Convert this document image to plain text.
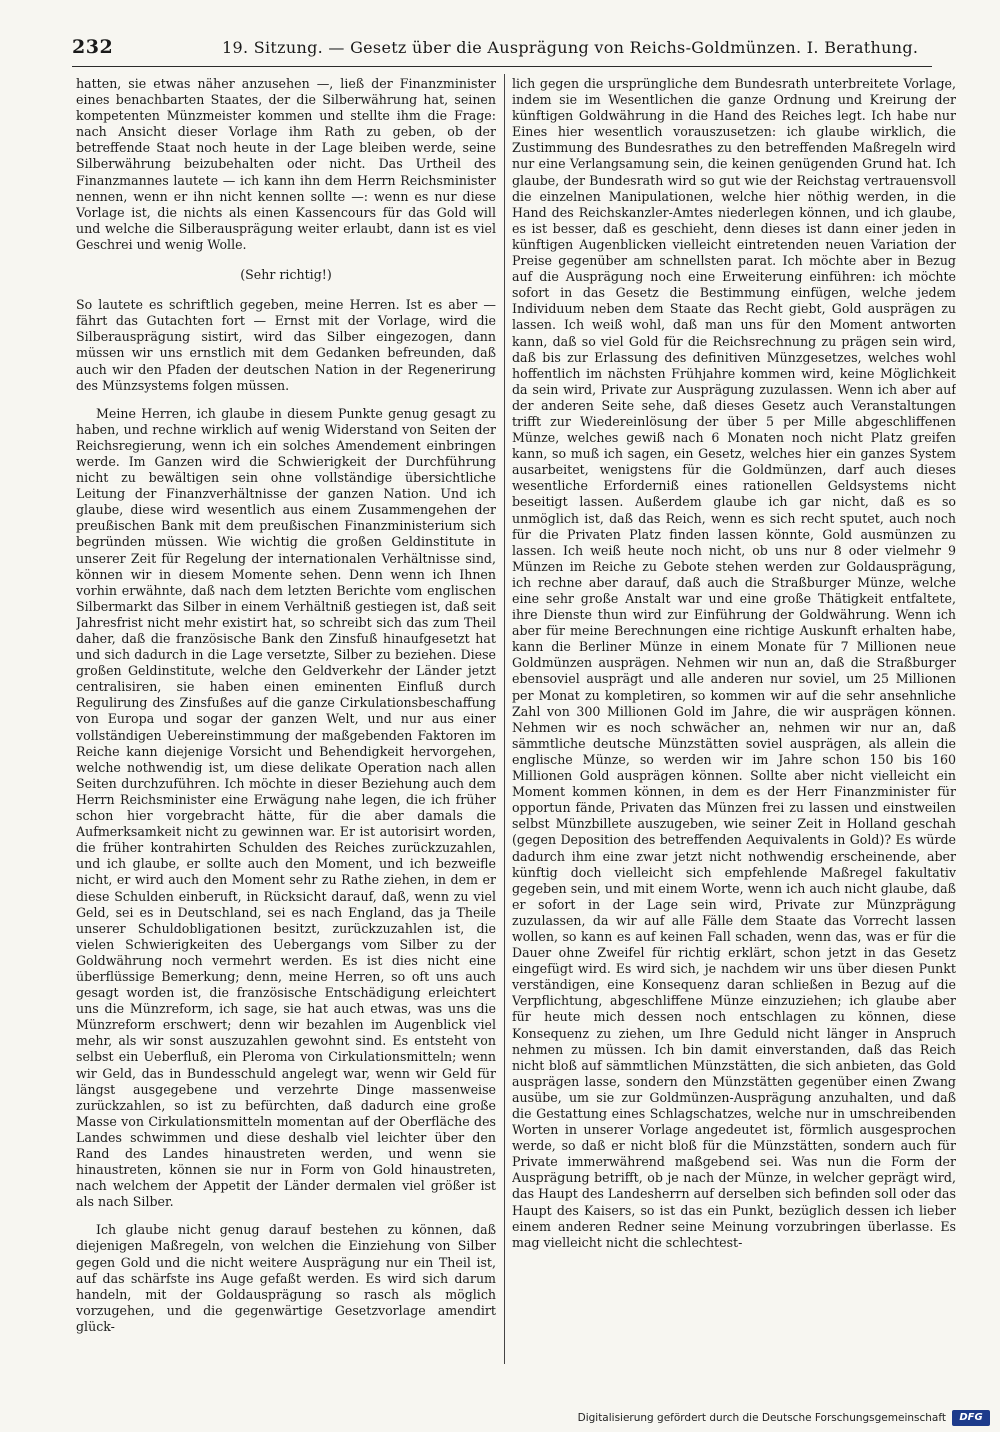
232	19. Sitzung. — Gesetz über die Ausprägung von Reichs-Goldmünzen. I. Berathung.

hatten, sie etwas näher anzusehen —, ließ der Finanzminister eines benachbarten Staates, der die Silberwährung hat, seinen kompetenten Münzmeister kommen und stellte ihm die Frage: nach Ansicht dieser Vorlage ihm Rath zu geben, ob der betreffende Staat noch heute in der Lage bleiben werde, seine Silberwährung beizubehalten oder nicht. Das Urtheil des Finanzmannes lautete — ich kann ihn dem Herrn Reichsminister nennen, wenn er ihn nicht kennen sollte —: wenn es nur diese Vorlage ist, die nichts als einen Kassencours für das Gold will und welche die Silberausprägung weiter erlaubt, dann ist es viel Geschrei und wenig Wolle.

(Sehr richtig!)

So lautete es schriftlich gegeben, meine Herren. Ist es aber — fährt das Gutachten fort — Ernst mit der Vorlage, wird die Silberausprägung sistirt, wird das Silber eingezogen, dann müssen wir uns ernstlich mit dem Gedanken befreunden, daß auch wir den Pfaden der deutschen Nation in der Regenerirung des Münzsystems folgen müssen.

Meine Herren, ich glaube in diesem Punkte genug gesagt zu haben, und rechne wirklich auf wenig Widerstand von Seiten der Reichsregierung, wenn ich ein solches Amendement einbringen werde. Im Ganzen wird die Schwierigkeit der Durchführung nicht zu bewältigen sein ohne vollständige übersichtliche Leitung der Finanzverhältnisse der ganzen Nation. Und ich glaube, diese wird wesentlich aus einem Zusammengehen der preußischen Bank mit dem preußischen Finanzministerium sich begründen müssen. Wie wichtig die großen Geldinstitute in unserer Zeit für Regelung der internationalen Verhältnisse sind, können wir in diesem Momente sehen. Denn wenn ich Ihnen vorhin erwähnte, daß nach dem letzten Berichte vom englischen Silbermarkt das Silber in einem Verhältniß gestiegen ist, daß seit Jahresfrist nicht mehr existirt hat, so schreibt sich das zum Theil daher, daß die französische Bank den Zinsfuß hinaufgesetzt hat und sich dadurch in die Lage versetzte, Silber zu beziehen. Diese großen Geldinstitute, welche den Geldverkehr der Länder jetzt centralisiren, sie haben einen eminenten Einfluß durch Regulirung des Zinsfußes auf die ganze Cirkulationsbeschaffung von Europa und sogar der ganzen Welt, und nur aus einer vollständigen Uebereinstimmung der maßgebenden Faktoren im Reiche kann diejenige Vorsicht und Behendigkeit hervorgehen, welche nothwendig ist, um diese delikate Operation nach allen Seiten durchzuführen. Ich möchte in dieser Beziehung auch dem Herrn Reichsminister eine Erwägung nahe legen, die ich früher schon hier vorgebracht hätte, für die aber damals die Aufmerksamkeit nicht zu gewinnen war. Er ist autorisirt worden, die früher kontrahirten Schulden des Reiches zurückzuzahlen, und ich glaube, er sollte auch den Moment, und ich bezweifle nicht, er wird auch den Moment sehr zu Rathe ziehen, in dem er diese Schulden einberuft, in Rücksicht darauf, daß, wenn zu viel Geld, sei es in Deutschland, sei es nach England, das ja Theile unserer Schuldobligationen besitzt, zurückzuzahlen ist, die vielen Schwierigkeiten des Uebergangs vom Silber zu der Goldwährung noch vermehrt werden. Es ist dies nicht eine überflüssige Bemerkung; denn, meine Herren, so oft uns auch gesagt worden ist, die französische Entschädigung erleichtert uns die Münzreform, ich sage, sie hat auch etwas, was uns die Münzreform erschwert; denn wir bezahlen im Augenblick viel mehr, als wir sonst auszuzahlen gewohnt sind. Es entsteht von selbst ein Ueberfluß, ein Pleroma von Cirkulationsmitteln; wenn wir Geld, das in Bundesschuld angelegt war, wenn wir Geld für längst ausgegebene und verzehrte Dinge massenweise zurückzahlen, so ist zu befürchten, daß dadurch eine große Masse von Cirkulationsmitteln momentan auf der Oberfläche des Landes schwimmen und diese deshalb viel leichter über den Rand des Landes hinaustreten werden, und wenn sie hinaustreten, können sie nur in Form von Gold hinaustreten, nach welchem der Appetit der Länder dermalen viel größer ist als nach Silber.

Ich glaube nicht genug darauf bestehen zu können, daß diejenigen Maßregeln, von welchen die Einziehung von Silber gegen Gold und die nicht weitere Ausprägung nur ein Theil ist, auf das schärfste ins Auge gefaßt werden. Es wird sich darum handeln, mit der Goldausprägung so rasch als möglich vorzugehen, und die gegenwärtige Gesetzvorlage amendirt glück-

lich gegen die ursprüngliche dem Bundesrath unterbreitete Vorlage, indem sie im Wesentlichen die ganze Ordnung und Kreirung der künftigen Goldwährung in die Hand des Reiches legt. Ich habe nur Eines hier wesentlich vorauszusetzen: ich glaube wirklich, die Zustimmung des Bundesrathes zu den betreffenden Maßregeln wird nur eine Verlangsamung sein, die keinen genügenden Grund hat. Ich glaube, der Bundesrath wird so gut wie der Reichstag vertrauensvoll die einzelnen Manipulationen, welche hier nöthig werden, in die Hand des Reichskanzler-Amtes niederlegen können, und ich glaube, es ist besser, daß es geschieht, denn dieses ist dann einer jeden in künftigen Augenblicken vielleicht eintretenden neuen Variation der Preise gegenüber am schnellsten parat. Ich möchte aber in Bezug auf die Ausprägung noch eine Erweiterung einführen: ich möchte sofort in das Gesetz die Bestimmung einfügen, welche jedem Individuum neben dem Staate das Recht giebt, Gold ausprägen zu lassen. Ich weiß wohl, daß man uns für den Moment antworten kann, daß so viel Gold für die Reichsrechnung zu prägen sein wird, daß bis zur Erlassung des definitiven Münzgesetzes, welches wohl hoffentlich im nächsten Frühjahre kommen wird, keine Möglichkeit da sein wird, Private zur Ausprägung zuzulassen. Wenn ich aber auf der anderen Seite sehe, daß dieses Gesetz auch Veranstaltungen trifft zur Wiedereinlösung der über 5 per Mille abgeschliffenen Münze, welches gewiß nach 6 Monaten noch nicht Platz greifen kann, so muß ich sagen, ein Gesetz, welches hier ein ganzes System ausarbeitet, wenigstens für die Goldmünzen, darf auch dieses wesentliche Erforderniß eines rationellen Geldsystems nicht beseitigt lassen. Außerdem glaube ich gar nicht, daß es so unmöglich ist, daß das Reich, wenn es sich recht sputet, auch noch für die Privaten Platz finden lassen könnte, Gold ausmünzen zu lassen. Ich weiß heute noch nicht, ob uns nur 8 oder vielmehr 9 Münzen im Reiche zu Gebote stehen werden zur Goldausprägung, ich rechne aber darauf, daß auch die Straßburger Münze, welche eine sehr große Anstalt war und eine große Thätigkeit entfaltete, ihre Dienste thun wird zur Einführung der Goldwährung. Wenn ich aber für meine Berechnungen eine richtige Auskunft erhalten habe, kann die Berliner Münze in einem Monate für 7 Millionen neue Goldmünzen ausprägen. Nehmen wir nun an, daß die Straßburger ebensoviel ausprägt und alle anderen nur soviel, um 25 Millionen per Monat zu kompletiren, so kommen wir auf die sehr ansehnliche Zahl von 300 Millionen Gold im Jahre, die wir ausprägen können. Nehmen wir es noch schwächer an, nehmen wir nur an, daß sämmtliche deutsche Münzstätten soviel ausprägen, als allein die englische Münze, so werden wir im Jahre schon 150 bis 160 Millionen Gold ausprägen können. Sollte aber nicht vielleicht ein Moment kommen können, in dem es der Herr Finanzminister für opportun fände, Privaten das Münzen frei zu lassen und einstweilen selbst Münzbillete auszugeben, wie seiner Zeit in Holland geschah (gegen Deposition des betreffenden Aequivalents in Gold)? Es würde dadurch ihm eine zwar jetzt nicht nothwendig erscheinende, aber künftig doch vielleicht sich empfehlende Maßregel fakultativ gegeben sein, und mit einem Worte, wenn ich auch nicht glaube, daß er sofort in der Lage sein wird, Private zur Münzprägung zuzulassen, da wir auf alle Fälle dem Staate das Vorrecht lassen wollen, so kann es auf keinen Fall schaden, wenn das, was er für die Dauer ohne Zweifel für richtig erklärt, schon jetzt in das Gesetz eingefügt wird. Es wird sich, je nachdem wir uns über diesen Punkt verständigen, eine Konsequenz daran schließen in Bezug auf die Verpflichtung, abgeschliffene Münze einzuziehen; ich glaube aber für heute mich dessen noch entschlagen zu können, diese Konsequenz zu ziehen, um Ihre Geduld nicht länger in Anspruch nehmen zu müssen. Ich bin damit einverstanden, daß das Reich nicht bloß auf sämmtlichen Münzstätten, die sich anbieten, das Gold ausprägen lasse, sondern den Münzstätten gegenüber einen Zwang ausübe, um sie zur Goldmünzen-Ausprägung anzuhalten, und daß die Gestattung eines Schlagschatzes, welche nur in umschreibenden Worten in unserer Vorlage angedeutet ist, förmlich ausgesprochen werde, so daß er nicht bloß für die Münzstätten, sondern auch für Private immerwährend maßgebend sei. Was nun die Form der Ausprägung betrifft, ob je nach der Münze, in welcher geprägt wird, das Haupt des Landesherrn auf derselben sich befinden soll oder das Haupt des Kaisers, so ist das ein Punkt, bezüglich dessen ich lieber einem anderen Redner seine Meinung vorzubringen überlasse. Es mag vielleicht nicht die schlechtest-

Digitalisierung gefördert durch die Deutsche Forschungsgemeinschaft	DFG
